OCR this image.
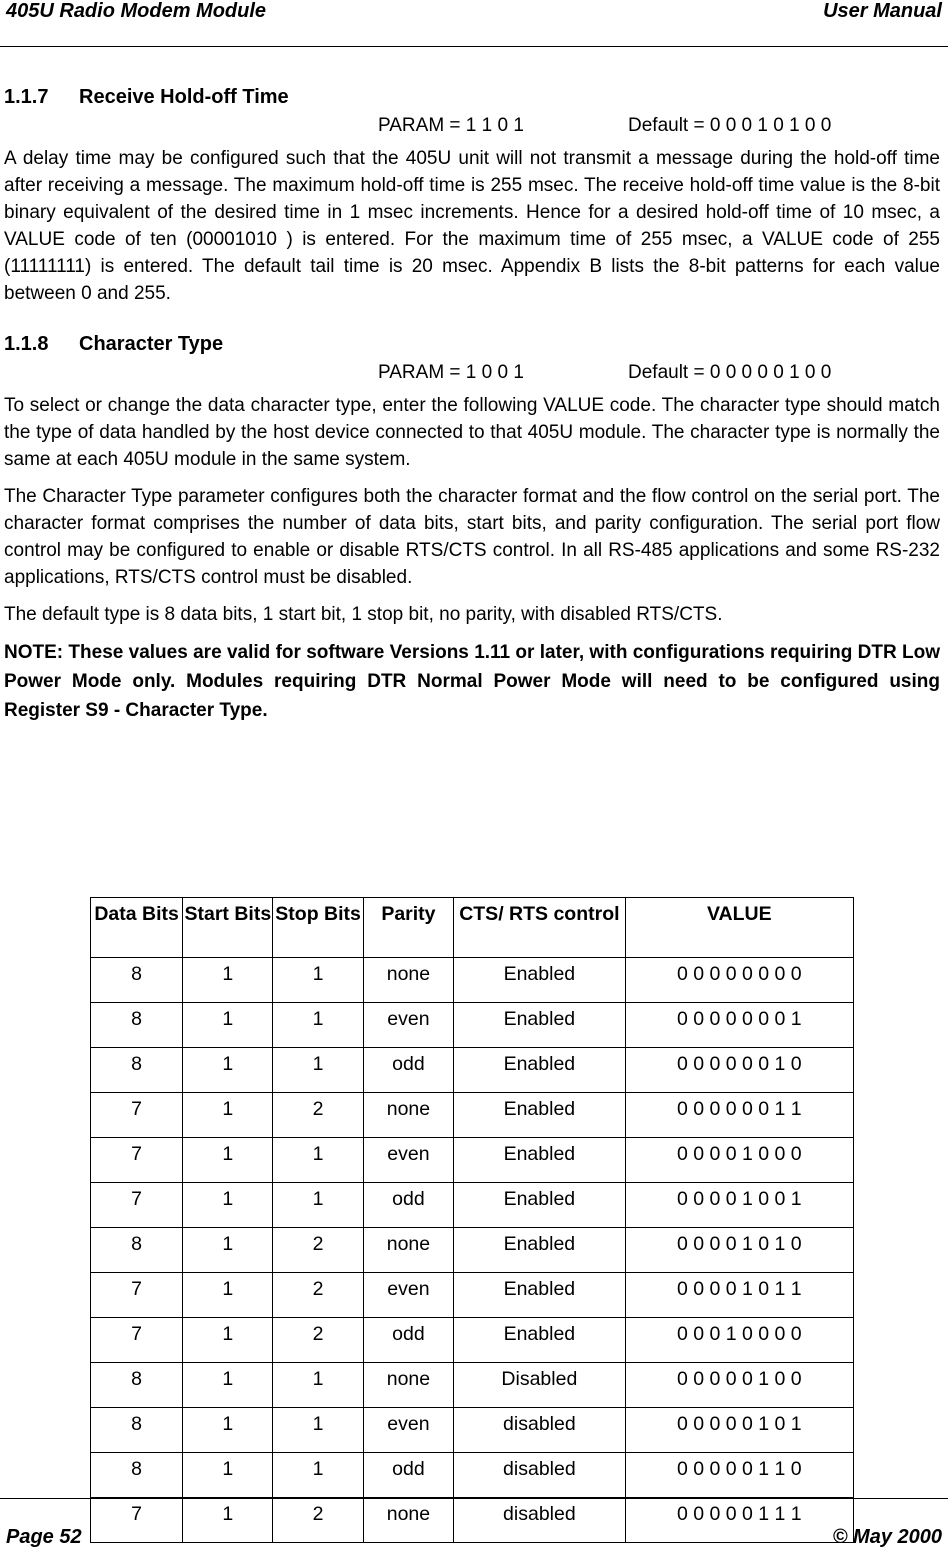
405U Radio Modem Module	User Manual
1.1.7 Receive Hold-off Time
PARAM = 1 1 0 1	Default = 0 0 0 1 0 1 0 0

A delay time may be configured such that the 405U unit will not transmit a message during the hold-off time after receiving a message. The maximum hold-off time is 255 msec. The receive hold-off time value is the 8-bit binary equivalent of the desired time in 1 msec increments. Hence for a desired hold-off time of 10 msec, a VALUE code of ten (00001010 ) is entered. For the maximum time of 255 msec, a VALUE code of 255 (11111111) is entered. The default tail time is 20 msec. Appendix B lists the 8-bit patterns for each value between 0 and 255.

1.1.8 Character Type
PARAM = 1 0 0 1	Default = 0 0 0 0 0 1 0 0

To select or change the data character type, enter the following VALUE code. The character type should match the type of data handled by the host device connected to that 405U module. The character type is normally the same at each 405U module in the same system.

The Character Type parameter configures both the character format and the flow control on the serial port. The character format comprises the number of data bits, start bits, and parity configuration. The serial port flow control may be configured to enable or disable RTS/CTS control. In all RS-485 applications and some RS-232 applications, RTS/CTS control must be disabled.

The default type is 8 data bits, 1 start bit, 1 stop bit, no parity, with disabled RTS/CTS.

NOTE: These values are valid for software Versions 1.11 or later, with configurations requiring DTR Low Power Mode only. Modules requiring DTR Normal Power Mode will need to be configured using Register S9 - Character Type.

Data Bits	Start Bits	Stop Bits	Parity	CTS/ RTS control	VALUE
8	1	1	none	Enabled	0 0 0 0 0 0 0 0
8	1	1	even	Enabled	0 0 0 0 0 0 0 1
8	1	1	odd	Enabled	0 0 0 0 0 0 1 0
7	1	2	none	Enabled	0 0 0 0 0 0 1 1
7	1	1	even	Enabled	0 0 0 0 1 0 0 0
7	1	1	odd	Enabled	0 0 0 0 1 0 0 1
8	1	2	none	Enabled	0 0 0 0 1 0 1 0
7	1	2	even	Enabled	0 0 0 0 1 0 1 1
7	1	2	odd	Enabled	0 0 0 1 0 0 0 0
8	1	1	none	Disabled	0 0 0 0 0 1 0 0
8	1	1	even	disabled	0 0 0 0 0 1 0 1
8	1	1	odd	disabled	0 0 0 0 0 1 1 0
7	1	2	none	disabled	0 0 0 0 0 1 1 1
Page 52	© May 2000
